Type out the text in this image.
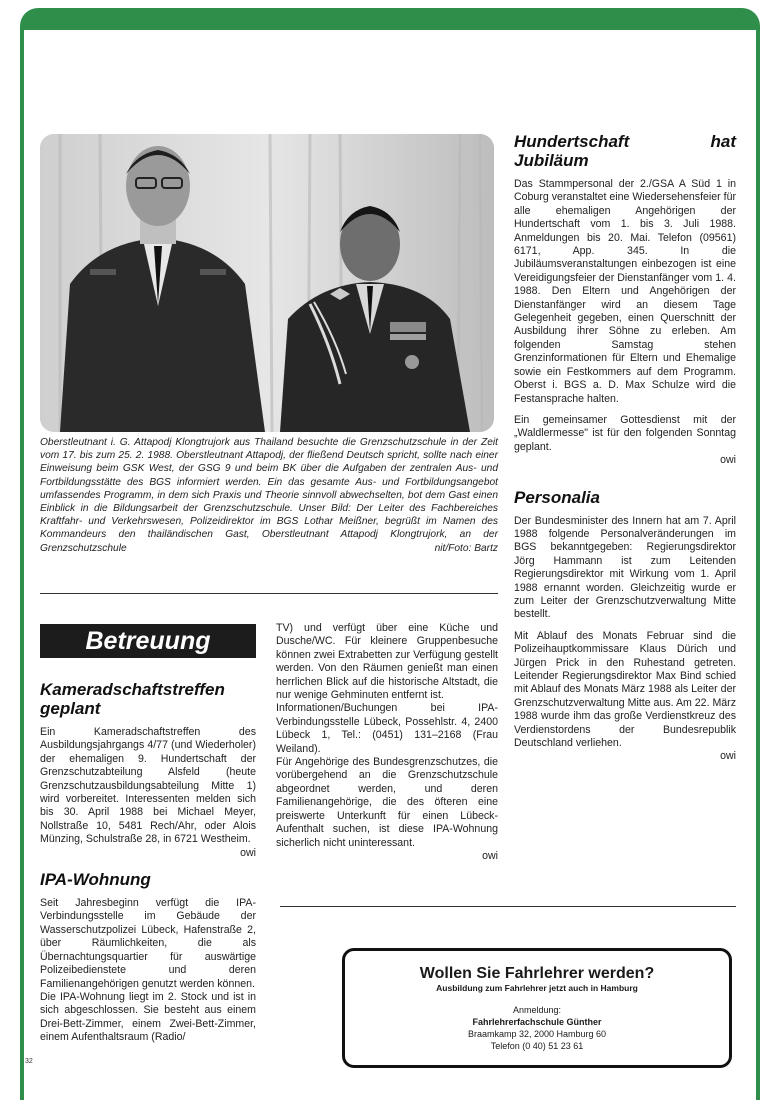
Oberstleutnant i. G. Attapodj Klongtrujork aus Thailand besuchte die Grenzschutzschule in der Zeit vom 17. bis zum 25. 2. 1988. Oberstleutnant Attapodj, der fließend Deutsch spricht, sollte nach einer Einweisung beim GSK West, der GSG 9 und beim BK über die Aufgaben der zentralen Aus- und Fortbildungsstätte des BGS informiert werden. Ein das gesamte Aus- und Fortbildungsangebot umfassendes Programm, in dem sich Praxis und Theorie sinnvoll abwechselten, bot dem Gast einen Einblick in die Bildungsarbeit der Grenzschutzschule. Unser Bild: Der Leiter des Fachbereiches Kraftfahr- und Verkehrswesen, Polizeidirektor im BGS Lothar Meißner, begrüßt im Namen des Kommandeurs den thailändischen Gast, Oberstleutnant Attapodj Klongtrujork, an der Grenzschutzschule	nit/Foto: Bartz
Hundertschaft hat Jubiläum

Das Stammpersonal der 2./GSA A Süd 1 in Coburg veranstaltet eine Wiedersehensfeier für alle ehemaligen Angehörigen der Hundertschaft vom 1. bis 3. Juli 1988. Anmeldungen bis 20. Mai. Telefon (09561) 6171, App. 345. In die Jubiläumsveranstaltungen einbezogen ist eine Vereidigungsfeier der Dienstanfänger vom 1. 4. 1988. Den Eltern und Angehörigen der Dienstanfänger wird an diesem Tage Gelegenheit gegeben, einen Querschnitt der Ausbildung ihrer Söhne zu erleben. Am folgenden Samstag stehen Grenzinformationen für Eltern und Ehemalige sowie ein Festkommers auf dem Programm. Oberst i. BGS a. D. Max Schulze wird die Festansprache halten.

Ein gemeinsamer Gottesdienst mit der „Waldlermesse" ist für den folgenden Sonntag geplant.
owi

Personalia

Der Bundesminister des Innern hat am 7. April 1988 folgende Personalveränderungen im BGS bekanntgegeben: Regierungsdirektor Jörg Hammann ist zum Leitenden Regierungsdirektor mit Wirkung vom 1. April 1988 ernannt worden. Gleichzeitig wurde er zum Leiter der Grenzschutzverwaltung Mitte bestellt.

Mit Ablauf des Monats Februar sind die Polizeihauptkommissare Klaus Dürich und Jürgen Prick in den Ruhestand getreten. Leitender Regierungsdirektor Max Bind schied mit Ablauf des Monats März 1988 als Leiter der Grenzschutzverwaltung Mitte aus. Am 22. März 1988 wurde ihm das große Verdienstkreuz des Verdienstordens der Bundesrepublik Deutschland verliehen.
owi

Betreuung
Kameradschaftstreffen geplant

Ein Kameradschaftstreffen des Ausbildungsjahrgangs 4/77 (und Wiederholer) der ehemaligen 9. Hundertschaft der Grenzschutzabteilung Alsfeld (heute Grenzschutzausbildungsabteilung Mitte 1) wird vorbereitet. Interessenten melden sich bis 30. April 1988 bei Michael Meyer, Nollstraße 10, 5481 Rech/Ahr, oder Alois Münzing, Schulstraße 28, in 6721 Westheim.
owi

IPA-Wohnung

Seit Jahresbeginn verfügt die IPA-Verbindungsstelle im Gebäude der Wasserschutzpolizei Lübeck, Hafenstraße 2, über Räumlichkeiten, die als Übernachtungsquartier für auswärtige Polizeibedienstete und deren Familienangehörigen genutzt werden können.

Die IPA-Wohnung liegt im 2. Stock und ist in sich abgeschlossen. Sie besteht aus einem Drei-Bett-Zimmer, einem Zwei-Bett-Zimmer, einem Aufenthaltsraum (Radio/

TV) und verfügt über eine Küche und Dusche/WC. Für kleinere Gruppenbesuche können zwei Extrabetten zur Verfügung gestellt werden. Von den Räumen genießt man einen herrlichen Blick auf die historische Altstadt, die nur wenige Gehminuten entfernt ist.

Informationen/Buchungen bei IPA-Verbindungsstelle Lübeck, Possehlstr. 4, 2400 Lübeck 1, Tel.: (0451) 131–2168 (Frau Weiland).

Für Angehörige des Bundesgrenzschutzes, die vorübergehend an die Grenzschutzschule abgeordnet werden, und deren Familienangehörige, die des öfteren eine preiswerte Unterkunft für einen Lübeck-Aufenthalt suchen, ist diese IPA-Wohnung sicherlich nicht uninteressant.
owi

Wollen Sie Fahrlehrer werden?
Ausbildung zum Fahrlehrer jetzt auch in Hamburg
Anmeldung:
Fahrlehrerfachschule Günther
Braamkamp 32, 2000 Hamburg 60
Telefon (0 40) 51 23 61
32
